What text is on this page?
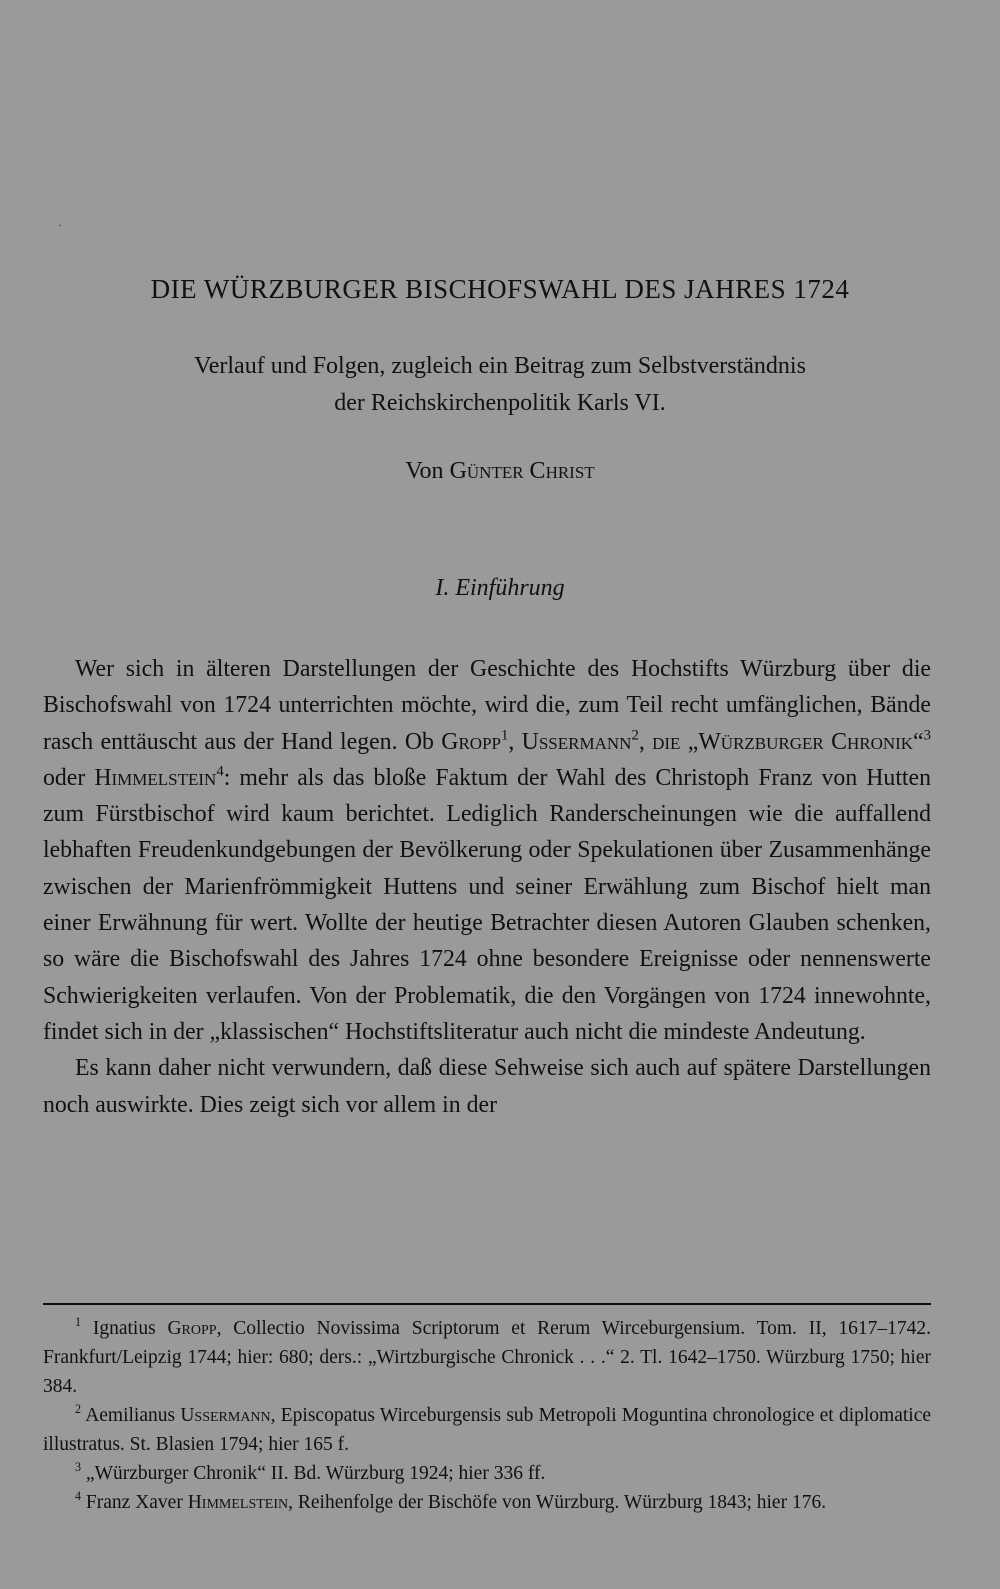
ˎ
DIE WÜRZBURGER BISCHOFSWAHL DES JAHRES 1724
Verlauf und Folgen, zugleich ein Beitrag zum Selbstverständnis
der Reichskirchenpolitik Karls VI.
Von Günter Christ
I. Einführung

Wer sich in älteren Darstellungen der Geschichte des Hochstifts Würzburg über die Bischofswahl von 1724 unterrichten möchte, wird die, zum Teil recht umfänglichen, Bände rasch enttäuscht aus der Hand legen. Ob Gropp$^1$, Ussermann$^2$, die „Würzburger Chronik“$^3$ oder Himmelstein$^4$: mehr als das bloße Faktum der Wahl des Christoph Franz von Hutten zum Fürstbischof wird kaum berichtet. Lediglich Randerscheinungen wie die auffallend lebhaften Freudenkundgebungen der Bevölkerung oder Spekulationen über Zusammenhänge zwischen der Marienfrömmigkeit Huttens und seiner Erwählung zum Bischof hielt man einer Erwähnung für wert. Wollte der heutige Betrachter diesen Autoren Glauben schenken, so wäre die Bischofswahl des Jahres 1724 ohne besondere Ereignisse oder nennenswerte Schwierigkeiten verlaufen. Von der Problematik, die den Vorgängen von 1724 innewohnte, findet sich in der „klassischen“ Hochstiftsliteratur auch nicht die mindeste Andeutung.

Es kann daher nicht verwundern, daß diese Sehweise sich auch auf spätere Darstellungen noch auswirkte. Dies zeigt sich vor allem in der

$^1$ Ignatius Gropp, Collectio Novissima Scriptorum et Rerum Wirceburgensium. Tom. II, 1617–1742. Frankfurt/Leipzig 1744; hier: 680; ders.: „Wirtzburgische Chronick . . .“ 2. Tl. 1642–1750. Würzburg 1750; hier 384.

$^2$ Aemilianus Ussermann, Episcopatus Wirceburgensis sub Metropoli Moguntina chronologice et diplomatice illustratus. St. Blasien 1794; hier 165 f.

$^3$ „Würzburger Chronik“ II. Bd. Würzburg 1924; hier 336 ff.

$^4$ Franz Xaver Himmelstein, Reihenfolge der Bischöfe von Würzburg. Würzburg 1843; hier 176.
